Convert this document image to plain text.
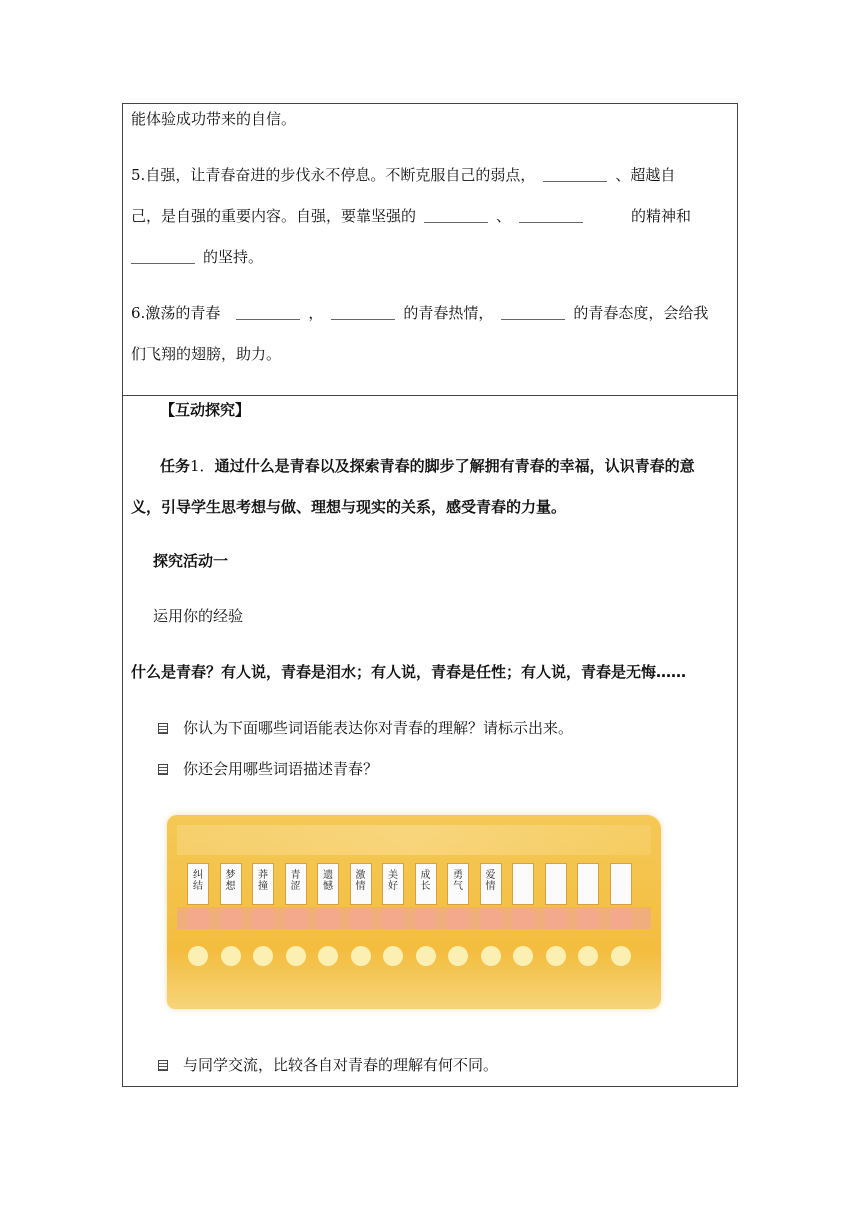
能体验成功带来的自信。
5.自强，让青春奋进的步伐永不停息。不断克服自己的弱点，	、超越自
己，是自强的重要内容。自强，要靠坚强的	、	的精神和
的坚持。
6.激荡的青春	，	的青春热情，	的青春态度，会给我
们飞翔的翅膀，助力。
【互动探究】
任务1．通过什么是青春以及探索青春的脚步了解拥有青春的幸福，认识青春的意
义，引导学生思考想与做、理想与现实的关系，感受青春的力量。
探究活动一
运用你的经验
什么是青春？有人说，青春是泪水；有人说，青春是任性；有人说，青春是无悔……
你认为下面哪些词语能表达你对青春的理解？请标示出来。
你还会用哪些词语描述青春？
纠
结
梦
想
莽
撞
青
涩
遗
憾
激
情
美
好
成
长
勇
气
爱
情
与同学交流，比较各自对青春的理解有何不同。
